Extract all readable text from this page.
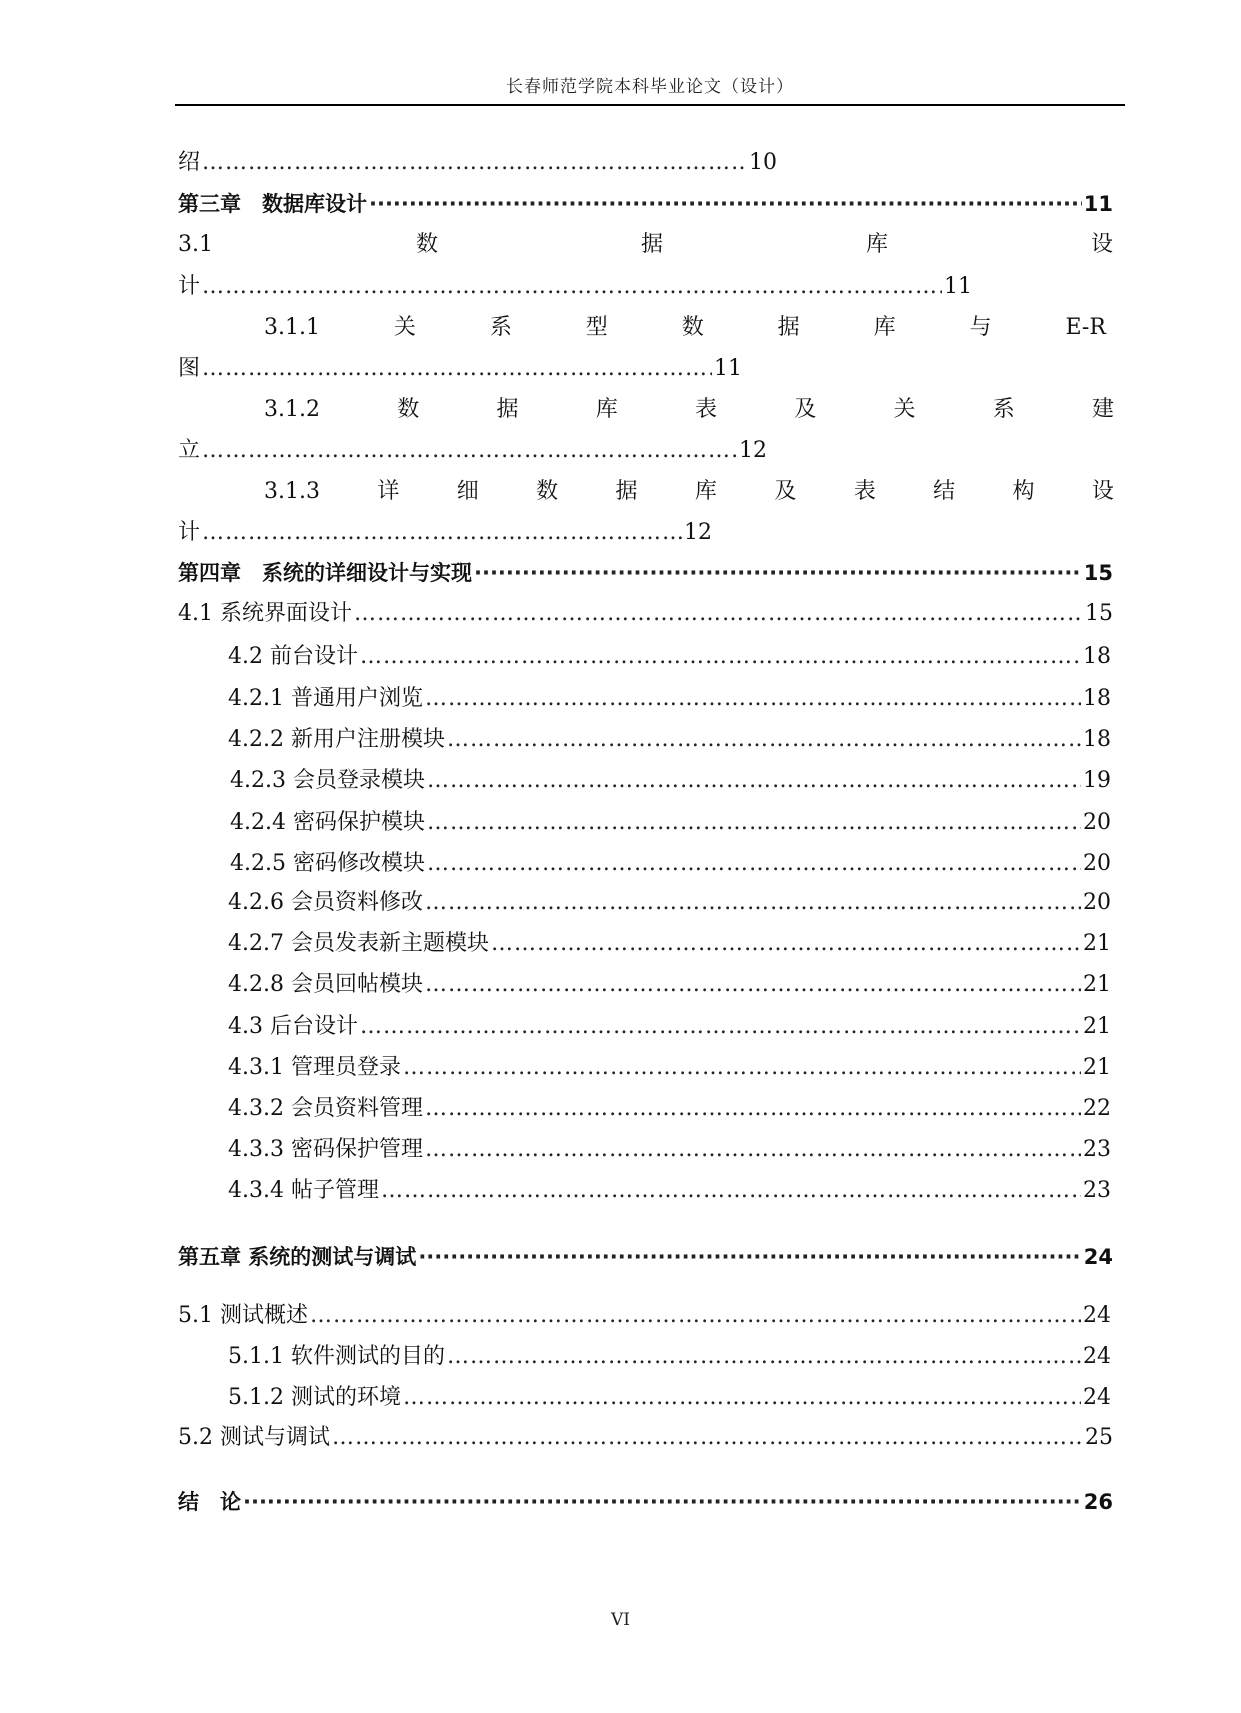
长春师范学院本科毕业论文（设计）
绍 …………………………………………………………………………………………………………………………………………………………………………………………………………………………	10
第三章　数据库设计 ·····	11
3.1	数	据	库	设
计 …………………………………………………………………………………………………………………………………………………………………………………………………………………………	11
3.1.1	关	系	型	数	据	库	与	E-R
图 …………………………………………………………………………………………………………………………………………………………………………………………………………………………	11
3.1.2	数	据	库	表	及	关	系	建
立 …………………………………………………………………………………………………………………………………………………………………………………………………………………………	12
3.1.3	详	细	数	据	库	及	表	结	构	设
计 …………………………………………………………………………………………………………………………………………………………………………………………………………………………	12
第四章　系统的详细设计与实现 ·····	15
4.1 系统界面设计 …………………………………………………………………………………………………………………………………………………………………………………………………………………………	15
4.2 前台设计 …………………………………………………………………………………………………………………………………………………………………………………………………………………………	18
4.2.1 普通用户浏览 …………………………………………………………………………………………………………………………………………………………………………………………………………………………	18
4.2.2 新用户注册模块 …………………………………………………………………………………………………………………………………………………………………………………………………………………………	18
4.2.3 会员登录模块 …………………………………………………………………………………………………………………………………………………………………………………………………………………………	19
4.2.4 密码保护模块 …………………………………………………………………………………………………………………………………………………………………………………………………………………………	20
4.2.5 密码修改模块 …………………………………………………………………………………………………………………………………………………………………………………………………………………………	20
4.2.6 会员资料修改 …………………………………………………………………………………………………………………………………………………………………………………………………………………………	20
4.2.7 会员发表新主题模块 …………………………………………………………………………………………………………………………………………………………………………………………………………………………	21
4.2.8 会员回帖模块 …………………………………………………………………………………………………………………………………………………………………………………………………………………………	21
4.3 后台设计 …………………………………………………………………………………………………………………………………………………………………………………………………………………………	21
4.3.1 管理员登录 …………………………………………………………………………………………………………………………………………………………………………………………………………………………	21
4.3.2 会员资料管理 …………………………………………………………………………………………………………………………………………………………………………………………………………………………	22
4.3.3 密码保护管理 …………………………………………………………………………………………………………………………………………………………………………………………………………………………	23
4.3.4 帖子管理 …………………………………………………………………………………………………………………………………………………………………………………………………………………………	23
第五章 系统的测试与调试 ·····	24
5.1 测试概述 …………………………………………………………………………………………………………………………………………………………………………………………………………………………	24
5.1.1 软件测试的目的 …………………………………………………………………………………………………………………………………………………………………………………………………………………………	24
5.1.2 测试的环境 …………………………………………………………………………………………………………………………………………………………………………………………………………………………	24
5.2 测试与调试 …………………………………………………………………………………………………………………………………………………………………………………………………………………………	25
结　论 ·····	26
VI
